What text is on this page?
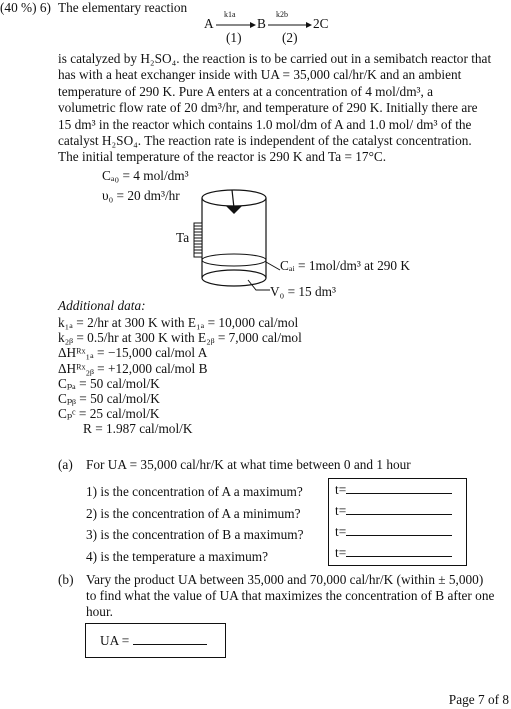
(40 %) 6) The elementary reaction
A →
k1a
(1)
B →
k2b
(2)
2C
is catalyzed by H₂SO₄. the reaction is to be carried out in a semibatch reactor that
has with a heat exchanger inside with UA = 35,000 cal/hr/K and an ambient
temperature of 290 K. Pure A enters at a concentration of 4 mol/dm³, a
volumetric flow rate of 20 dm³/hr, and temperature of 290 K. Initially there are
15 dm³ in the reactor which contains 1.0 mol/dm of A and 1.0 mol/ dm³ of the
catalyst H₂SO₄. The reaction rate is independent of the catalyst concentration.
The initial temperature of the reactor is 290 K and Ta = 17°C.
Cₐ₀ = 4 mol/dm³
υ₀ = 20 dm³/hr
Ta
Cₐᵢ = 1mol/dm³ at 290 K
V₀ = 15 dm³
Additional data:
k₁ₐ = 2/hr at 300 K with E₁ₐ = 10,000 cal/mol
k₂ᵦ = 0.5/hr at 300 K with E₂ᵦ = 7,000 cal/mol
ΔHᴿˣ₁ₐ = −15,000 cal/mol A
ΔHᴿˣ₂ᵦ = +12,000 cal/mol B
Cₚₐ = 50 cal/mol/K
Cₚᵦ = 50 cal/mol/K
Cₚᶜ = 25 cal/mol/K
R = 1.987 cal/mol/K
(a) For UA = 35,000 cal/hr/K at what time between 0 and 1 hour
1) is the concentration of A a maximum?
2) is the concentration of A a minimum?
3) is the concentration of B a maximum?
4) is the temperature a maximum?
t=
t=
t=
t=
(b) Vary the product UA between 35,000 and 70,000 cal/hr/K (within ± 5,000)
to find what the value of UA that maximizes the concentration of B after one
hour.
UA =
Page 7 of 8
